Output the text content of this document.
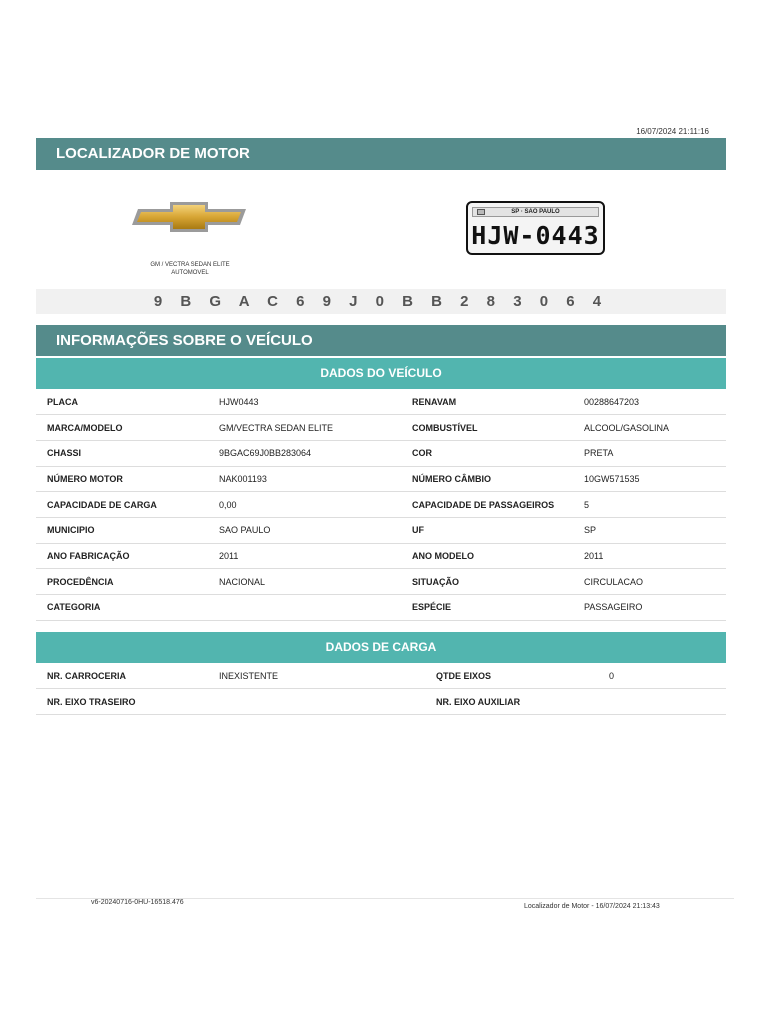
16/07/2024 21:11:16
LOCALIZADOR DE MOTOR
GM / VECTRA SEDAN ELITE
AUTOMOVEL
SP · SAO PAULO
HJW-0443
9 B G A C 6 9 J 0 B B 2 8 3 0 6 4
INFORMAÇÕES SOBRE O VEÍCULO
DADOS DO VEÍCULO
PLACA	HJW0443	RENAVAM	00288647203
MARCA/MODELO	GM/VECTRA SEDAN ELITE	COMBUSTÍVEL	ALCOOL/GASOLINA
CHASSI	9BGAC69J0BB283064	COR	PRETA
NÚMERO MOTOR	NAK001193	NÚMERO CÂMBIO	10GW571535
CAPACIDADE DE CARGA	0,00	CAPACIDADE DE PASSAGEIROS	5
MUNICIPIO	SAO PAULO	UF	SP
ANO FABRICAÇÃO	2011	ANO MODELO	2011
PROCEDÊNCIA	NACIONAL	SITUAÇÃO	CIRCULACAO
CATEGORIA		ESPÉCIE	PASSAGEIRO
DADOS DE CARGA
NR. CARROCERIA	INEXISTENTE	QTDE EIXOS	0
NR. EIXO TRASEIRO		NR. EIXO AUXILIAR	
v6-20240716-0HU-16518.476
Localizador de Motor - 16/07/2024 21:13:43
